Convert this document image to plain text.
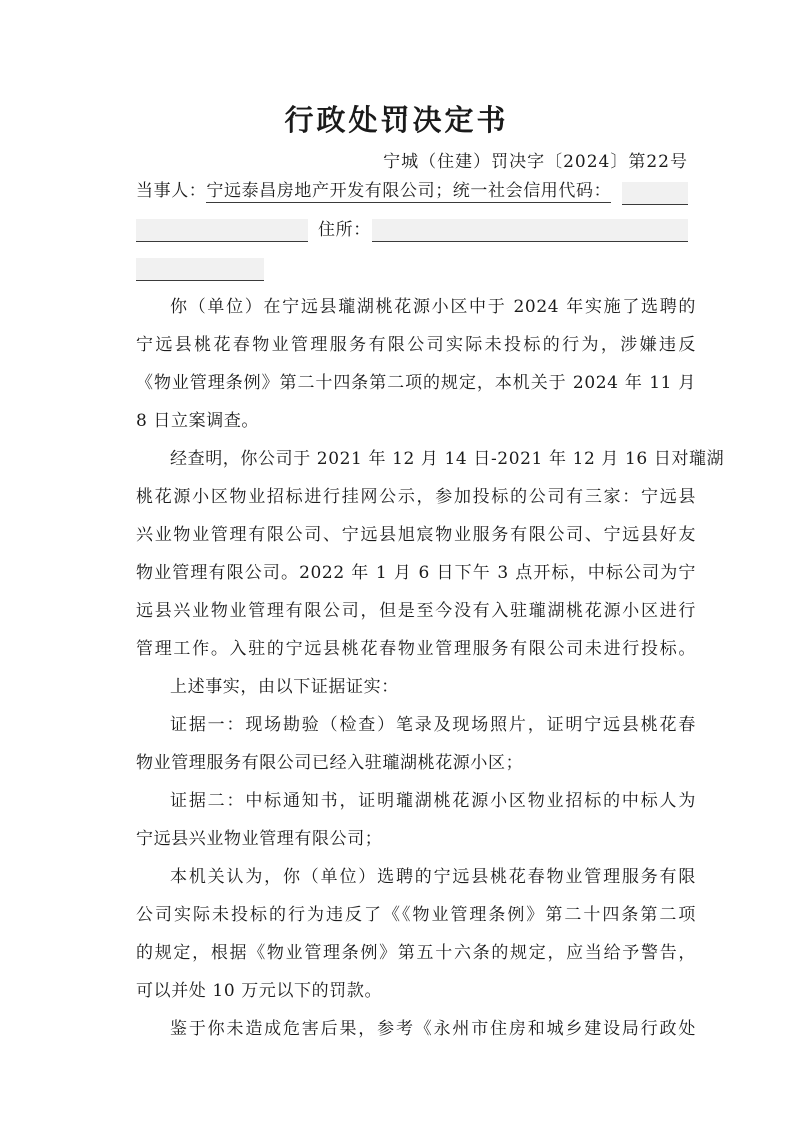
行政处罚决定书
宁城（住建）罚决字〔2024〕第22号
当事人：宁远泰昌房地产开发有限公司；统一社会信用代码：
住所：
你（单位）在宁远县瓏湖桃花源小区中于 2024 年实施了选聘的
宁远县桃花春物业管理服务有限公司实际未投标的行为，涉嫌违反
《物业管理条例》第二十四条第二项的规定，本机关于 2024 年 11 月
8 日立案调查。
经查明，你公司于 2021 年 12 月 14 日-2021 年 12 月 16 日对瓏湖
桃花源小区物业招标进行挂网公示，参加投标的公司有三家：宁远县
兴业物业管理有限公司、宁远县旭宸物业服务有限公司、宁远县好友
物业管理有限公司。2022 年 1 月 6 日下午 3 点开标，中标公司为宁
远县兴业物业管理有限公司，但是至今没有入驻瓏湖桃花源小区进行
管理工作。入驻的宁远县桃花春物业管理服务有限公司未进行投标。
上述事实，由以下证据证实：
证据一：现场勘验（检查）笔录及现场照片，证明宁远县桃花春
物业管理服务有限公司已经入驻瓏湖桃花源小区；
证据二：中标通知书，证明瓏湖桃花源小区物业招标的中标人为
宁远县兴业物业管理有限公司；
本机关认为，你（单位）选聘的宁远县桃花春物业管理服务有限
公司实际未投标的行为违反了《《物业管理条例》第二十四条第二项
的规定，根据《物业管理条例》第五十六条的规定，应当给予警告，
可以并处 10 万元以下的罚款。
鉴于你未造成危害后果，参考《永州市住房和城乡建设局行政处
